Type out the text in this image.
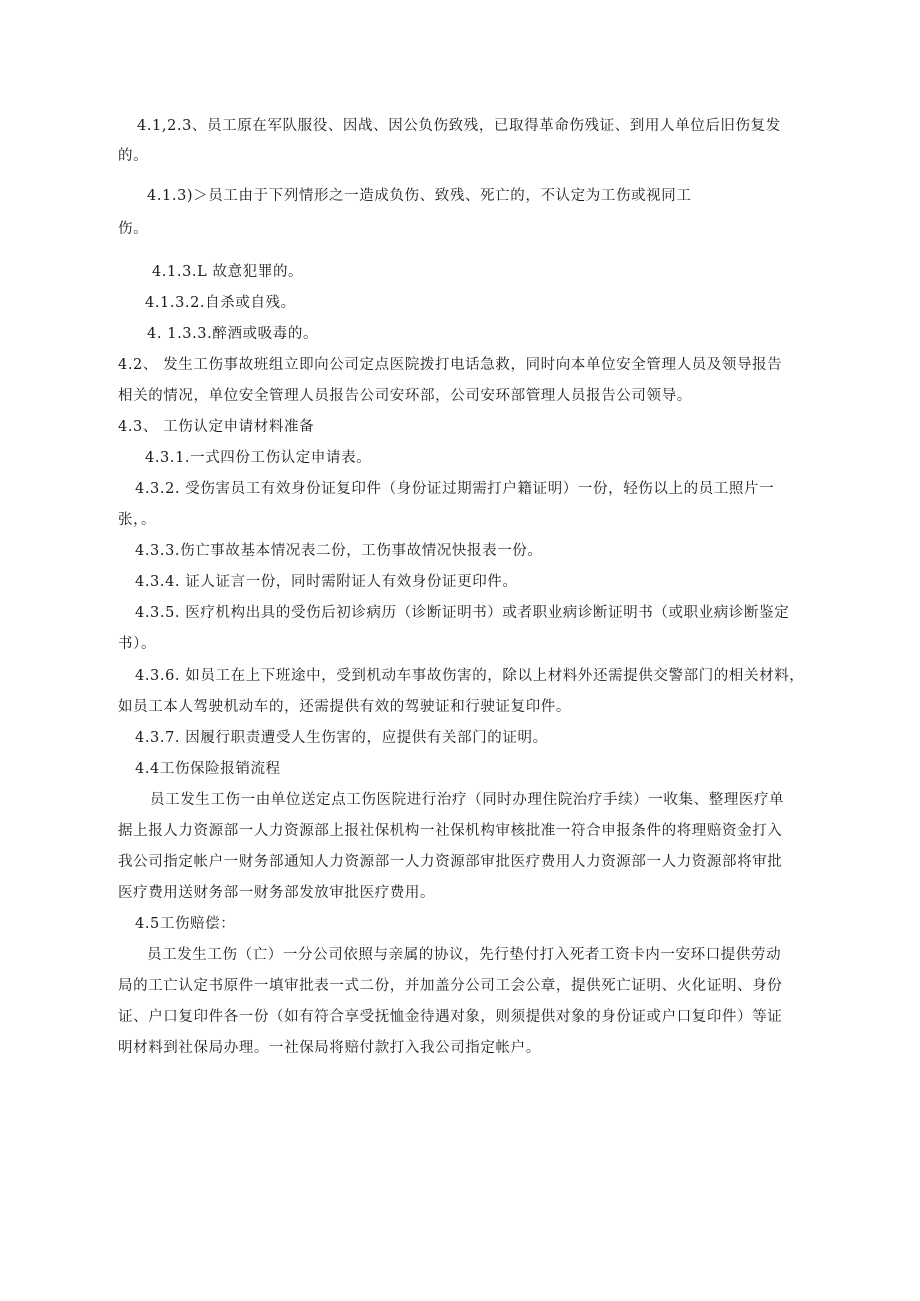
4.1,2.3、员工原在军队服役、因战、因公负伤致残，已取得革命伤残证、到用人单位后旧伤复发
的。
4.1.3)＞员工由于下列情形之一造成负伤、致残、死亡的，不认定为工伤或视同工
伤。
4.1.3.L 故意犯罪的。
4.1.3.2.自杀或自残。
4. 1.3.3.醉酒或吸毒的。
4.2、 发生工伤事故班组立即向公司定点医院拨打电话急救，同时向本单位安全管理人员及领导报告
相关的情况，单位安全管理人员报告公司安环部，公司安环部管理人员报告公司领导。
4.3、 工伤认定申请材料准备
4.3.1.一式四份工伤认定申请表。
4.3.2. 受伤害员工有效身份证复印件（身份证过期需打户籍证明）一份，轻伤以上的员工照片一
张，。
4.3.3.伤亡事故基本情况表二份，工伤事故情况快报表一份。
4.3.4. 证人证言一份，同时需附证人有效身份证更印件。
4.3.5. 医疗机构出具的受伤后初诊病历（诊断证明书）或者职业病诊断证明书（或职业病诊断鉴定
书）。
4.3.6. 如员工在上下班途中，受到机动车事故伤害的，除以上材料外还需提供交警部门的相关材料，
如员工本人驾驶机动车的，还需提供有效的驾驶证和行驶证复印件。
4.3.7. 因履行职责遭受人生伤害的，应提供有关部门的证明。
4.4工伤保险报销流程
员工发生工伤一由单位送定点工伤医院进行治疗（同时办理住院治疗手续）一收集、整理医疗单
据上报人力资源部一人力资源部上报社保机构一社保机构审核批准一符合申报条件的将理赔资金打入
我公司指定帐户一财务部通知人力资源部一人力资源部审批医疗费用人力资源部一人力资源部将审批
医疗费用送财务部一财务部发放审批医疗费用。
4.5工伤赔偿：
员工发生工伤（亡）一分公司依照与亲属的协议，先行垫付打入死者工资卡内一安环口提供劳动
局的工亡认定书原件一填审批表一式二份，并加盖分公司工会公章，提供死亡证明、火化证明、身份
证、户口复印件各一份（如有符合享受抚恤金待遇对象，则须提供对象的身份证或户口复印件）等证
明材料到社保局办理。一社保局将赔付款打入我公司指定帐户。
